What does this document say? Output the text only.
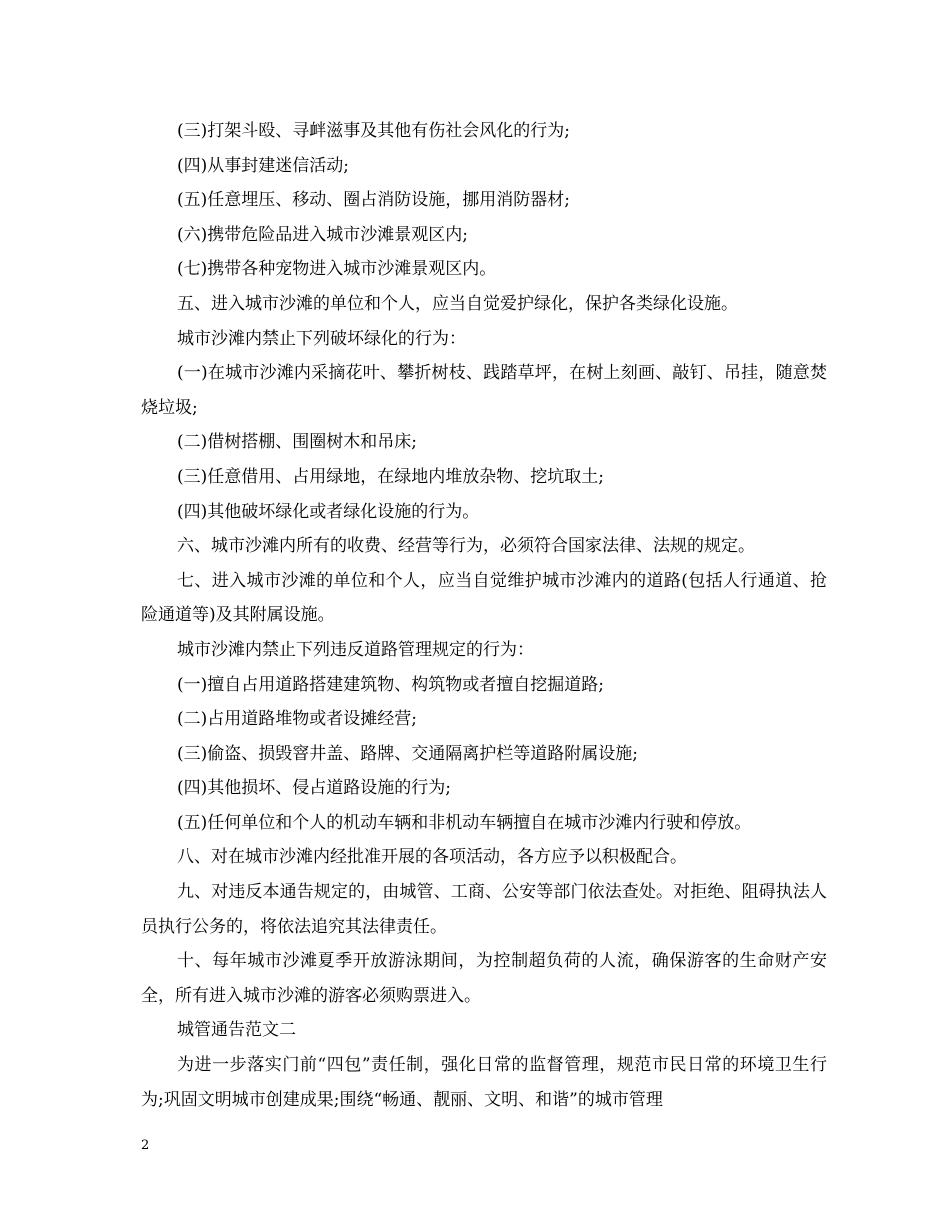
(三)打架斗殴、寻衅滋事及其他有伤社会风化的行为;

(四)从事封建迷信活动;

(五)任意埋压、移动、圈占消防设施，挪用消防器材;

(六)携带危险品进入城市沙滩景观区内;

(七)携带各种宠物进入城市沙滩景观区内。

五、进入城市沙滩的单位和个人，应当自觉爱护绿化，保护各类绿化设施。

城市沙滩内禁止下列破坏绿化的行为：

(一)在城市沙滩内采摘花叶、攀折树枝、践踏草坪，在树上刻画、敲钉、吊挂，随意焚烧垃圾;

(二)借树搭棚、围圈树木和吊床;

(三)任意借用、占用绿地，在绿地内堆放杂物、挖坑取土;

(四)其他破坏绿化或者绿化设施的行为。

六、城市沙滩内所有的收费、经营等行为，必须符合国家法律、法规的规定。

七、进入城市沙滩的单位和个人，应当自觉维护城市沙滩内的道路(包括人行通道、抢险通道等)及其附属设施。

城市沙滩内禁止下列违反道路管理规定的行为：

(一)擅自占用道路搭建建筑物、构筑物或者擅自挖掘道路;

(二)占用道路堆物或者设摊经营;

(三)偷盗、损毁窨井盖、路牌、交通隔离护栏等道路附属设施;

(四)其他损坏、侵占道路设施的行为;

(五)任何单位和个人的机动车辆和非机动车辆擅自在城市沙滩内行驶和停放。

八、对在城市沙滩内经批准开展的各项活动，各方应予以积极配合。

九、对违反本通告规定的，由城管、工商、公安等部门依法查处。对拒绝、阻碍执法人员执行公务的，将依法追究其法律责任。

十、每年城市沙滩夏季开放游泳期间，为控制超负荷的人流，确保游客的生命财产安全，所有进入城市沙滩的游客必须购票进入。

城管通告范文二

为进一步落实门前“四包”责任制，强化日常的监督管理，规范市民日常的环境卫生行为;巩固文明城市创建成果;围绕“畅通、靓丽、文明、和谐”的城市管理

2
